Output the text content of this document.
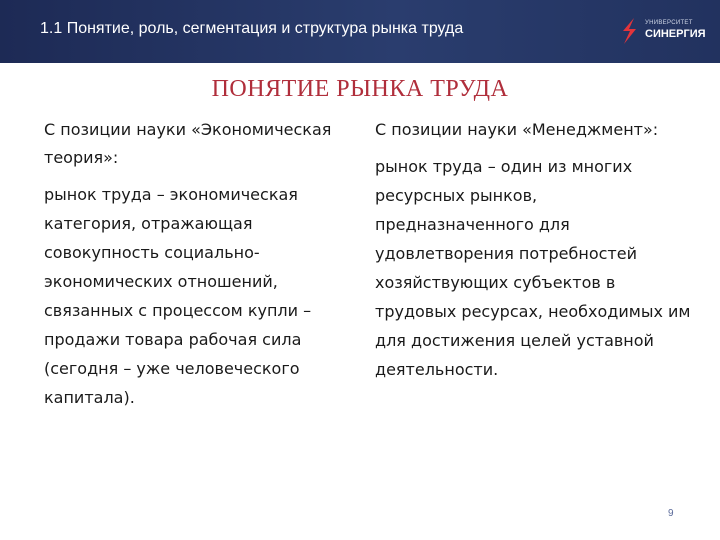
1.1 Понятие, роль, сегментация и структура рынка труда	УНИВЕРСИТЕТ
СИНЕРГИЯ
ПОНЯТИЕ РЫНКА ТРУДА

С позиции науки «Экономическая теория»:

рынок труда – экономическая категория, отражающая совокупность социально-экономических отношений, связанных с процессом купли – продажи товара рабочая сила (сегодня – уже человеческого капитала).

С позиции науки «Менеджмент»:

рынок труда – один из многих ресурсных рынков, предназначенного для удовлетворения потребностей хозяйствующих субъектов в трудовых ресурсах, необходимых им для достижения целей уставной деятельности.

9
